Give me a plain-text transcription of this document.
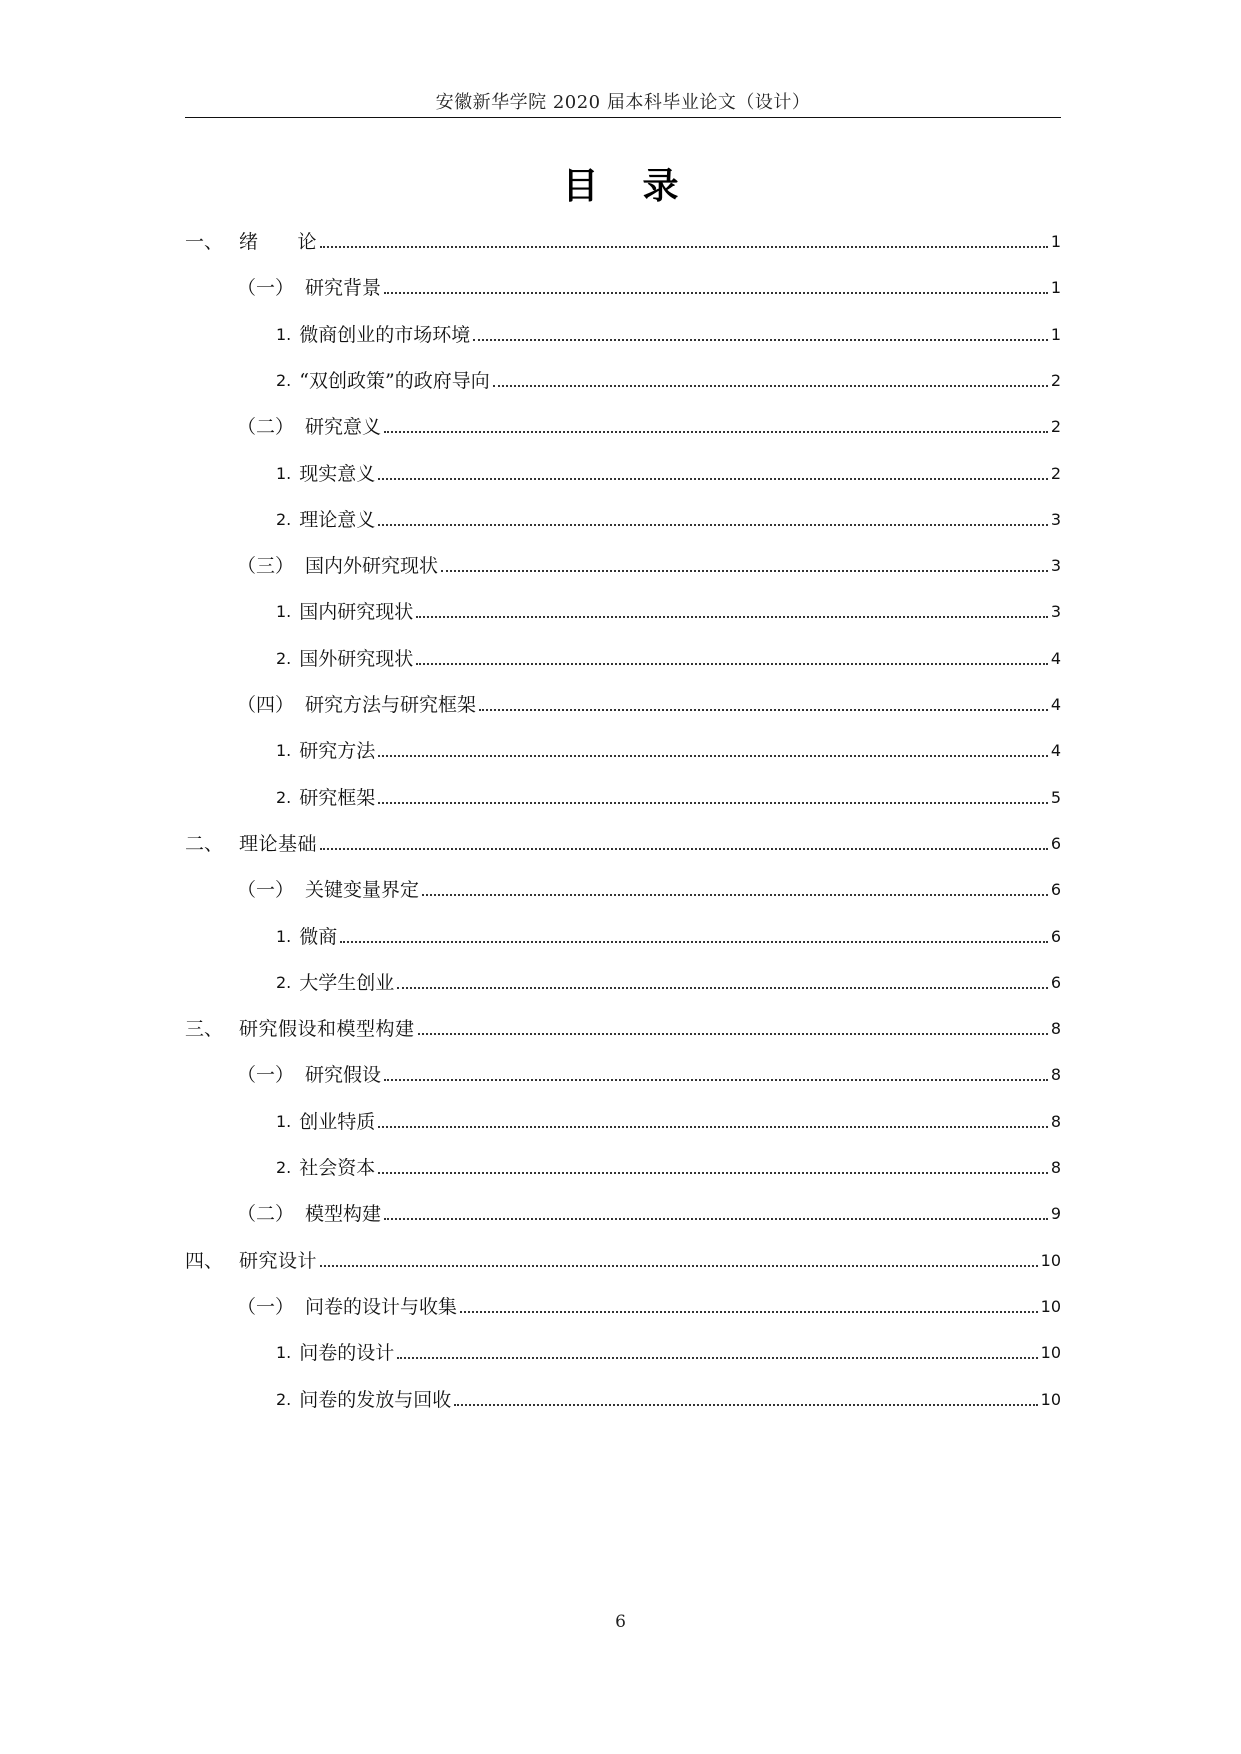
安徽新华学院 2020 届本科毕业论文（设计）
目录
一、 绪　　论	1
（一） 研究背景	1
1. 微商创业的市场环境	1
2. “双创政策”的政府导向	2
（二） 研究意义	2
1. 现实意义	2
2. 理论意义	3
（三） 国内外研究现状	3
1. 国内研究现状	3
2. 国外研究现状	4
（四） 研究方法与研究框架	4
1. 研究方法	4
2. 研究框架	5
二、 理论基础	6
（一） 关键变量界定	6
1. 微商	6
2. 大学生创业	6
三、 研究假设和模型构建	8
（一） 研究假设	8
1. 创业特质	8
2. 社会资本	8
（二） 模型构建	9
四、 研究设计	10
（一） 问卷的设计与收集	10
1. 问卷的设计	10
2. 问卷的发放与回收	10
6
